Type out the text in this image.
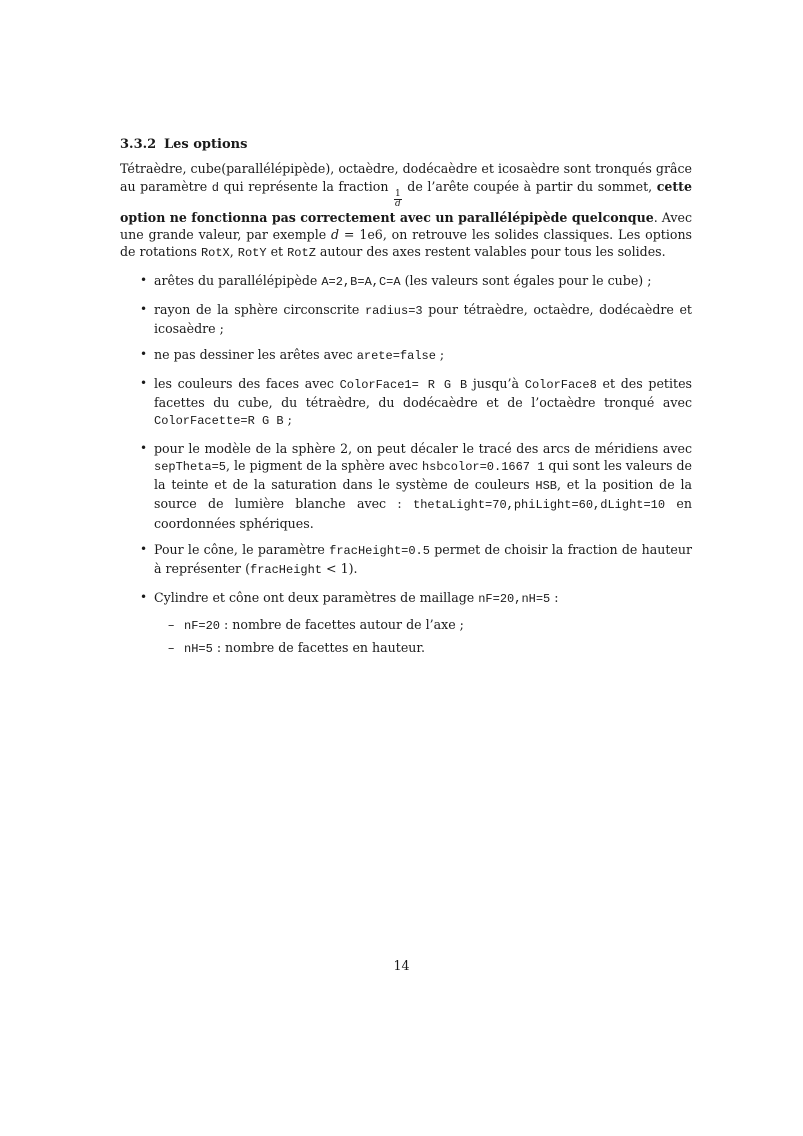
3.3.2 Les options

Tétraèdre, cube(parallélépipède), octaèdre, dodécaèdre et icosaèdre sont tronqués grâce au paramètre d qui représente la fraction
$\frac{1}{d}$
de l’arête coupée à partir du sommet, cette option ne fonctionna pas correctement avec un parallélépipède quelconque. Avec une grande valeur, par exemple d = 1e6, on retrouve les solides classiques. Les options de rotations RotX, RotY et RotZ autour des axes restent valables pour tous les solides.

• arêtes du parallélépipède A=2,B=A,C=A (les valeurs sont égales pour le cube) ;
• rayon de la sphère circonscrite radius=3 pour tétraèdre, octaèdre, dodécaèdre et icosaèdre ;
• ne pas dessiner les arêtes avec arete=false ;
• les couleurs des faces avec ColorFace1= R G B jusqu’à ColorFace8 et des petites facettes du cube, du tétraèdre, du dodécaèdre et de l’octaèdre tronqué avec ColorFacette=R G B ;
• pour le modèle de la sphère 2, on peut décaler le tracé des arcs de méridiens avec sepTheta=5, le pigment de la sphère avec hsbcolor=0.1667 1 qui sont les valeurs de la teinte et de la saturation dans le système de couleurs HSB, et la position de la source de lumière blanche avec : thetaLight=70,phiLight=60,dLight=10 en coordonnées sphériques.
• Pour le cône, le paramètre fracHeight=0.5 permet de choisir la fraction de hauteur à représenter (fracHeight < 1).
• Cylindre et cône ont deux paramètres de maillage nF=20,nH=5 :
– nF=20 : nombre de facettes autour de l’axe ;
– nH=5 : nombre de facettes en hauteur.
14
